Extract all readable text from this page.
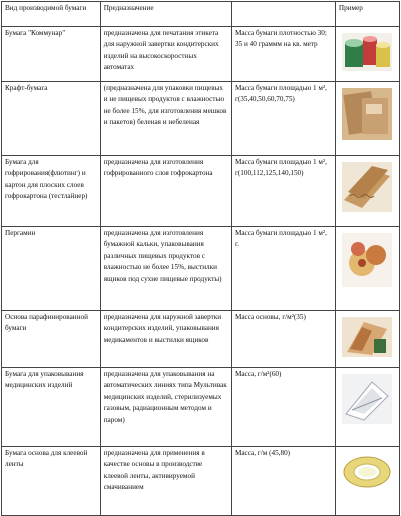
Вид производимой бумаги	Предназначение		Пример
Бумага "Коммунар"	предназначена для печатания этикета для наружной завертки кондитерских изделий на высокоскоростных автоматах	Масса бумаги плотностью 30; 35 и 40 граммм на кв. метр	

Крафт-бумага	(предназначена для упаковки пищевых и не пищевых продуктов с влажностью не более 15%, для изготовления мешков и пакетов) беленая и небеленая	Масса бумаги площадью 1 м², г(35,40,50,60,70,75)	

Бумага для гофрирования(флютинг) и картон для плоских слоев гофрокартона (тестлайнер)	предназначена для изготовления гофрированного слоя гофрокартона	Масса бумаги площадью 1 м², г(100,112,125,140,150)	

Пергамин	предназначена для изготовления бумажной кальки, упаковывания различных пищевых продуктов с влажностью не более 15%, выстилки ящиков под сухие пищевые продукты)	Масса бумаги площадью 1 м², г.	

Основа парафинированной бумаги	предназначена для наружной завертки кондитерских изделий, упаковывания медикаментов и выстилки ящиков	Масса основы, г/м²(35)	

Бумага для упаковывания медицинских изделий	предназначена для упаковывания на автоматических линиях типа Мультивак медицинских изделий, стерилизуемых газовым, радиационным методом и паром)	Масса, г/м²(60)	

Бумага основа для клеевой ленты	предназначена для применения в качестве основы в производстве клеевой ленты, активируемой смачиванием	Масса, г/м (45,80)	
